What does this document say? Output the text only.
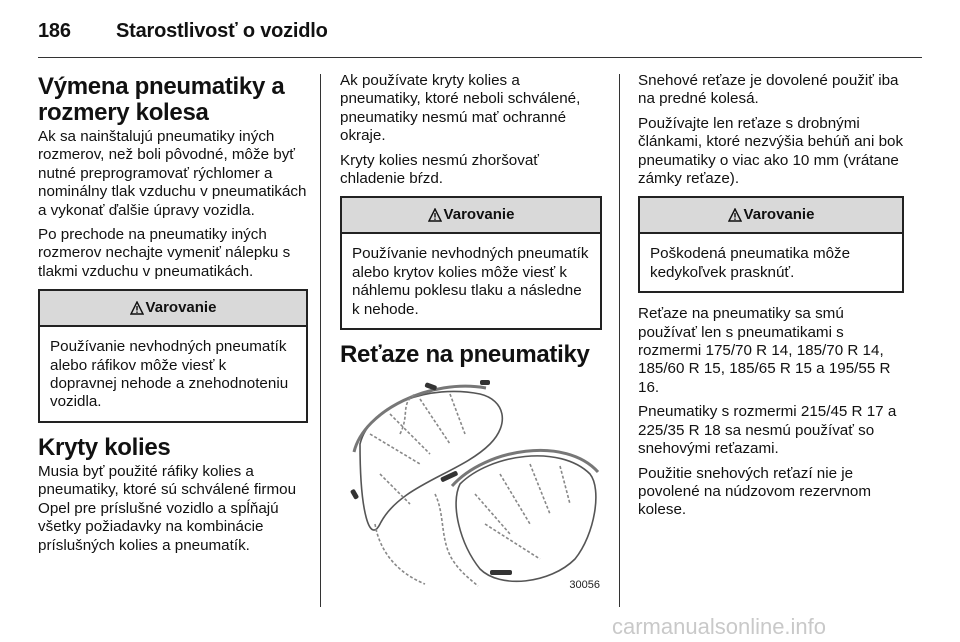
186	Starostlivosť o vozidlo
Výmena pneumatiky a rozmery kolesa

Ak sa nainštalujú pneumatiky iných rozmerov, než boli pôvodné, môže byť nutné preprogramovať rýchlomer a nominálny tlak vzduchu v pneumatikách a vykonať ďalšie úpravy vozidla.

Po prechode na pneumatiky iných rozmerov nechajte vymeniť nálepku s tlakmi vzduchu v pneumatikách.

Varovanie
Používanie nevhodných pneumatík alebo ráfikov môže viesť k dopravnej nehode a znehodnoteniu vozidla.
Kryty kolies

Musia byť použité ráfiky kolies a pneumatiky, ktoré sú schválené firmou Opel pre príslušné vozidlo a spĺňajú všetky požiadavky na kombinácie príslušných kolies a pneumatík.

Ak používate kryty kolies a pneumatiky, ktoré neboli schválené, pneumatiky nesmú mať ochranné okraje.

Kryty kolies nesmú zhoršovať chladenie bŕzd.

Varovanie
Používanie nevhodných pneumatík alebo krytov kolies môže viesť k náhlemu poklesu tlaku a následne k nehode.
Reťaze na pneumatiky
30056

Snehové reťaze je dovolené použiť iba na predné kolesá.

Používajte len reťaze s drobnými článkami, ktoré nezvýšia behúň ani bok pneumatiky o viac ako 10 mm (vrátane zámky reťaze).

Varovanie
Poškodená pneumatika môže kedykoľvek prasknúť.

Reťaze na pneumatiky sa smú používať len s pneumatikami s rozmermi 175/70 R 14, 185/70 R 14, 185/60 R 15, 185/65 R 15 a 195/55 R 16.

Pneumatiky s rozmermi 215/45 R 17 a 225/35 R 18 sa nesmú používať so snehovými reťazami.

Použitie snehových reťazí nie je povolené na núdzovom rezervnom kolese.

carmanualsonline.info
